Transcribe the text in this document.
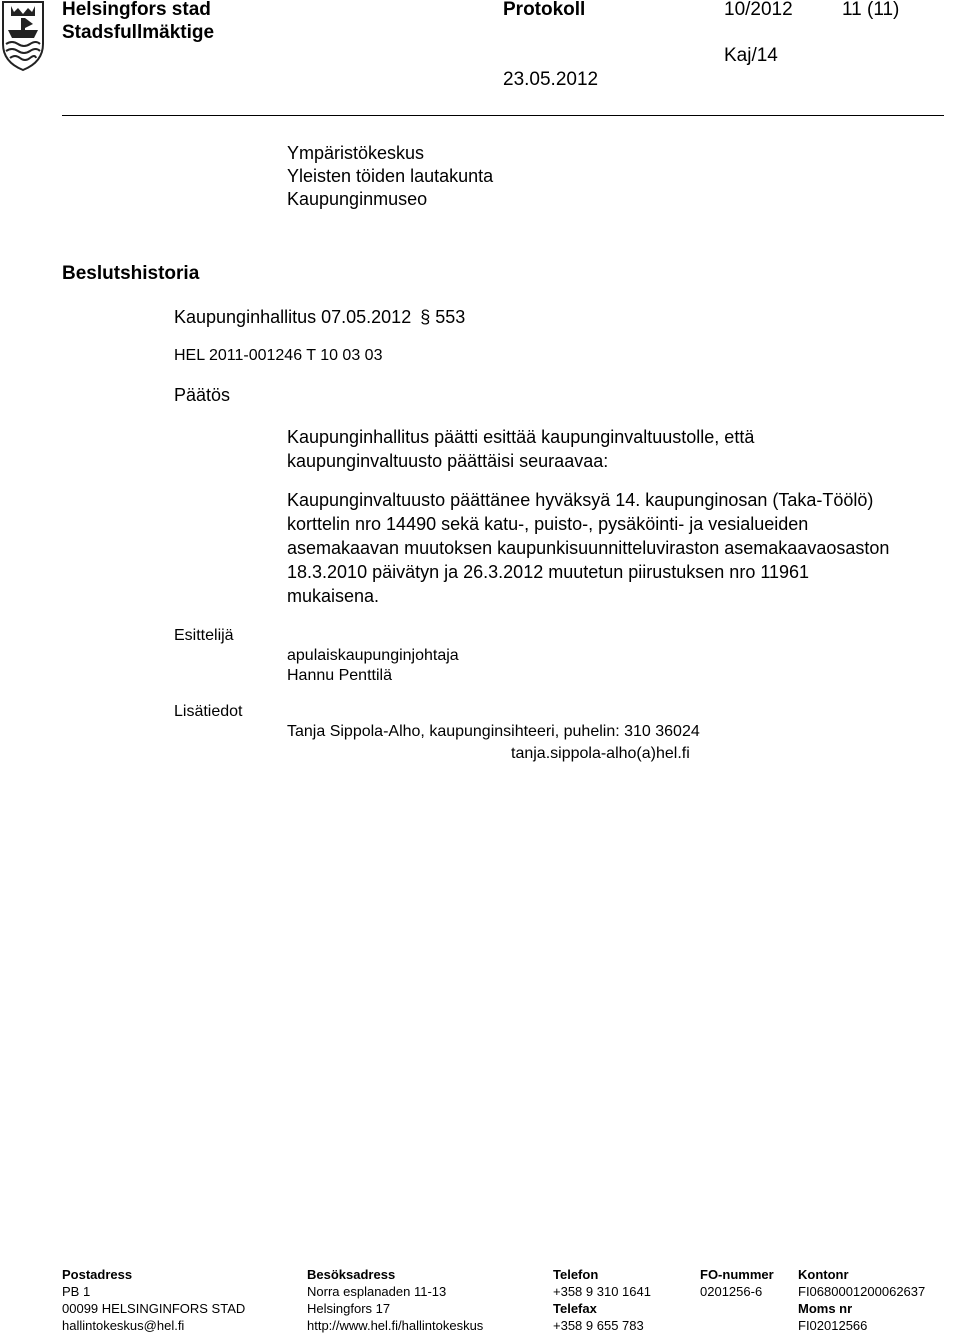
Helsingfors stad
Stadsfullmäktige
Protokoll	10/2012	11 (11)
Kaj/14
23.05.2012
Ympäristökeskus
Yleisten töiden lautakunta
Kaupunginmuseo
Beslutshistoria
Kaupunginhallitus 07.05.2012 § 553
HEL 2011-001246 T 10 03 03
Päätös
Kaupunginhallitus päätti esittää kaupunginvaltuustolle, että kaupunginvaltuusto päättäisi seuraavaa:
Kaupunginvaltuusto päättänee hyväksyä 14. kaupunginosan (Taka-Töölö) korttelin nro 14490 sekä katu-, puisto-, pysäköinti- ja vesialueiden asemakaavan muutoksen kaupunkisuunnitteluviraston asemakaavaosaston 18.3.2010 päivätyn ja 26.3.2012 muutetun piirustuksen nro 11961 mukaisena.
Esittelijä
apulaiskaupunginjohtaja
Hannu Penttilä
Lisätiedot
Tanja Sippola-Alho, kaupunginsihteeri, puhelin: 310 36024
tanja.sippola-alho(a)hel.fi
Postadress
PB 1
00099 HELSINGINFORS STAD
hallintokeskus@hel.fi
Besöksadress
Norra esplanaden 11-13
Helsingfors 17
http://www.hel.fi/hallintokeskus
Telefon
+358 9 310 1641
Telefax
+358 9 655 783
FO-nummer
0201256-6
Kontonr
FI0680001200062637
Moms nr
FI02012566
